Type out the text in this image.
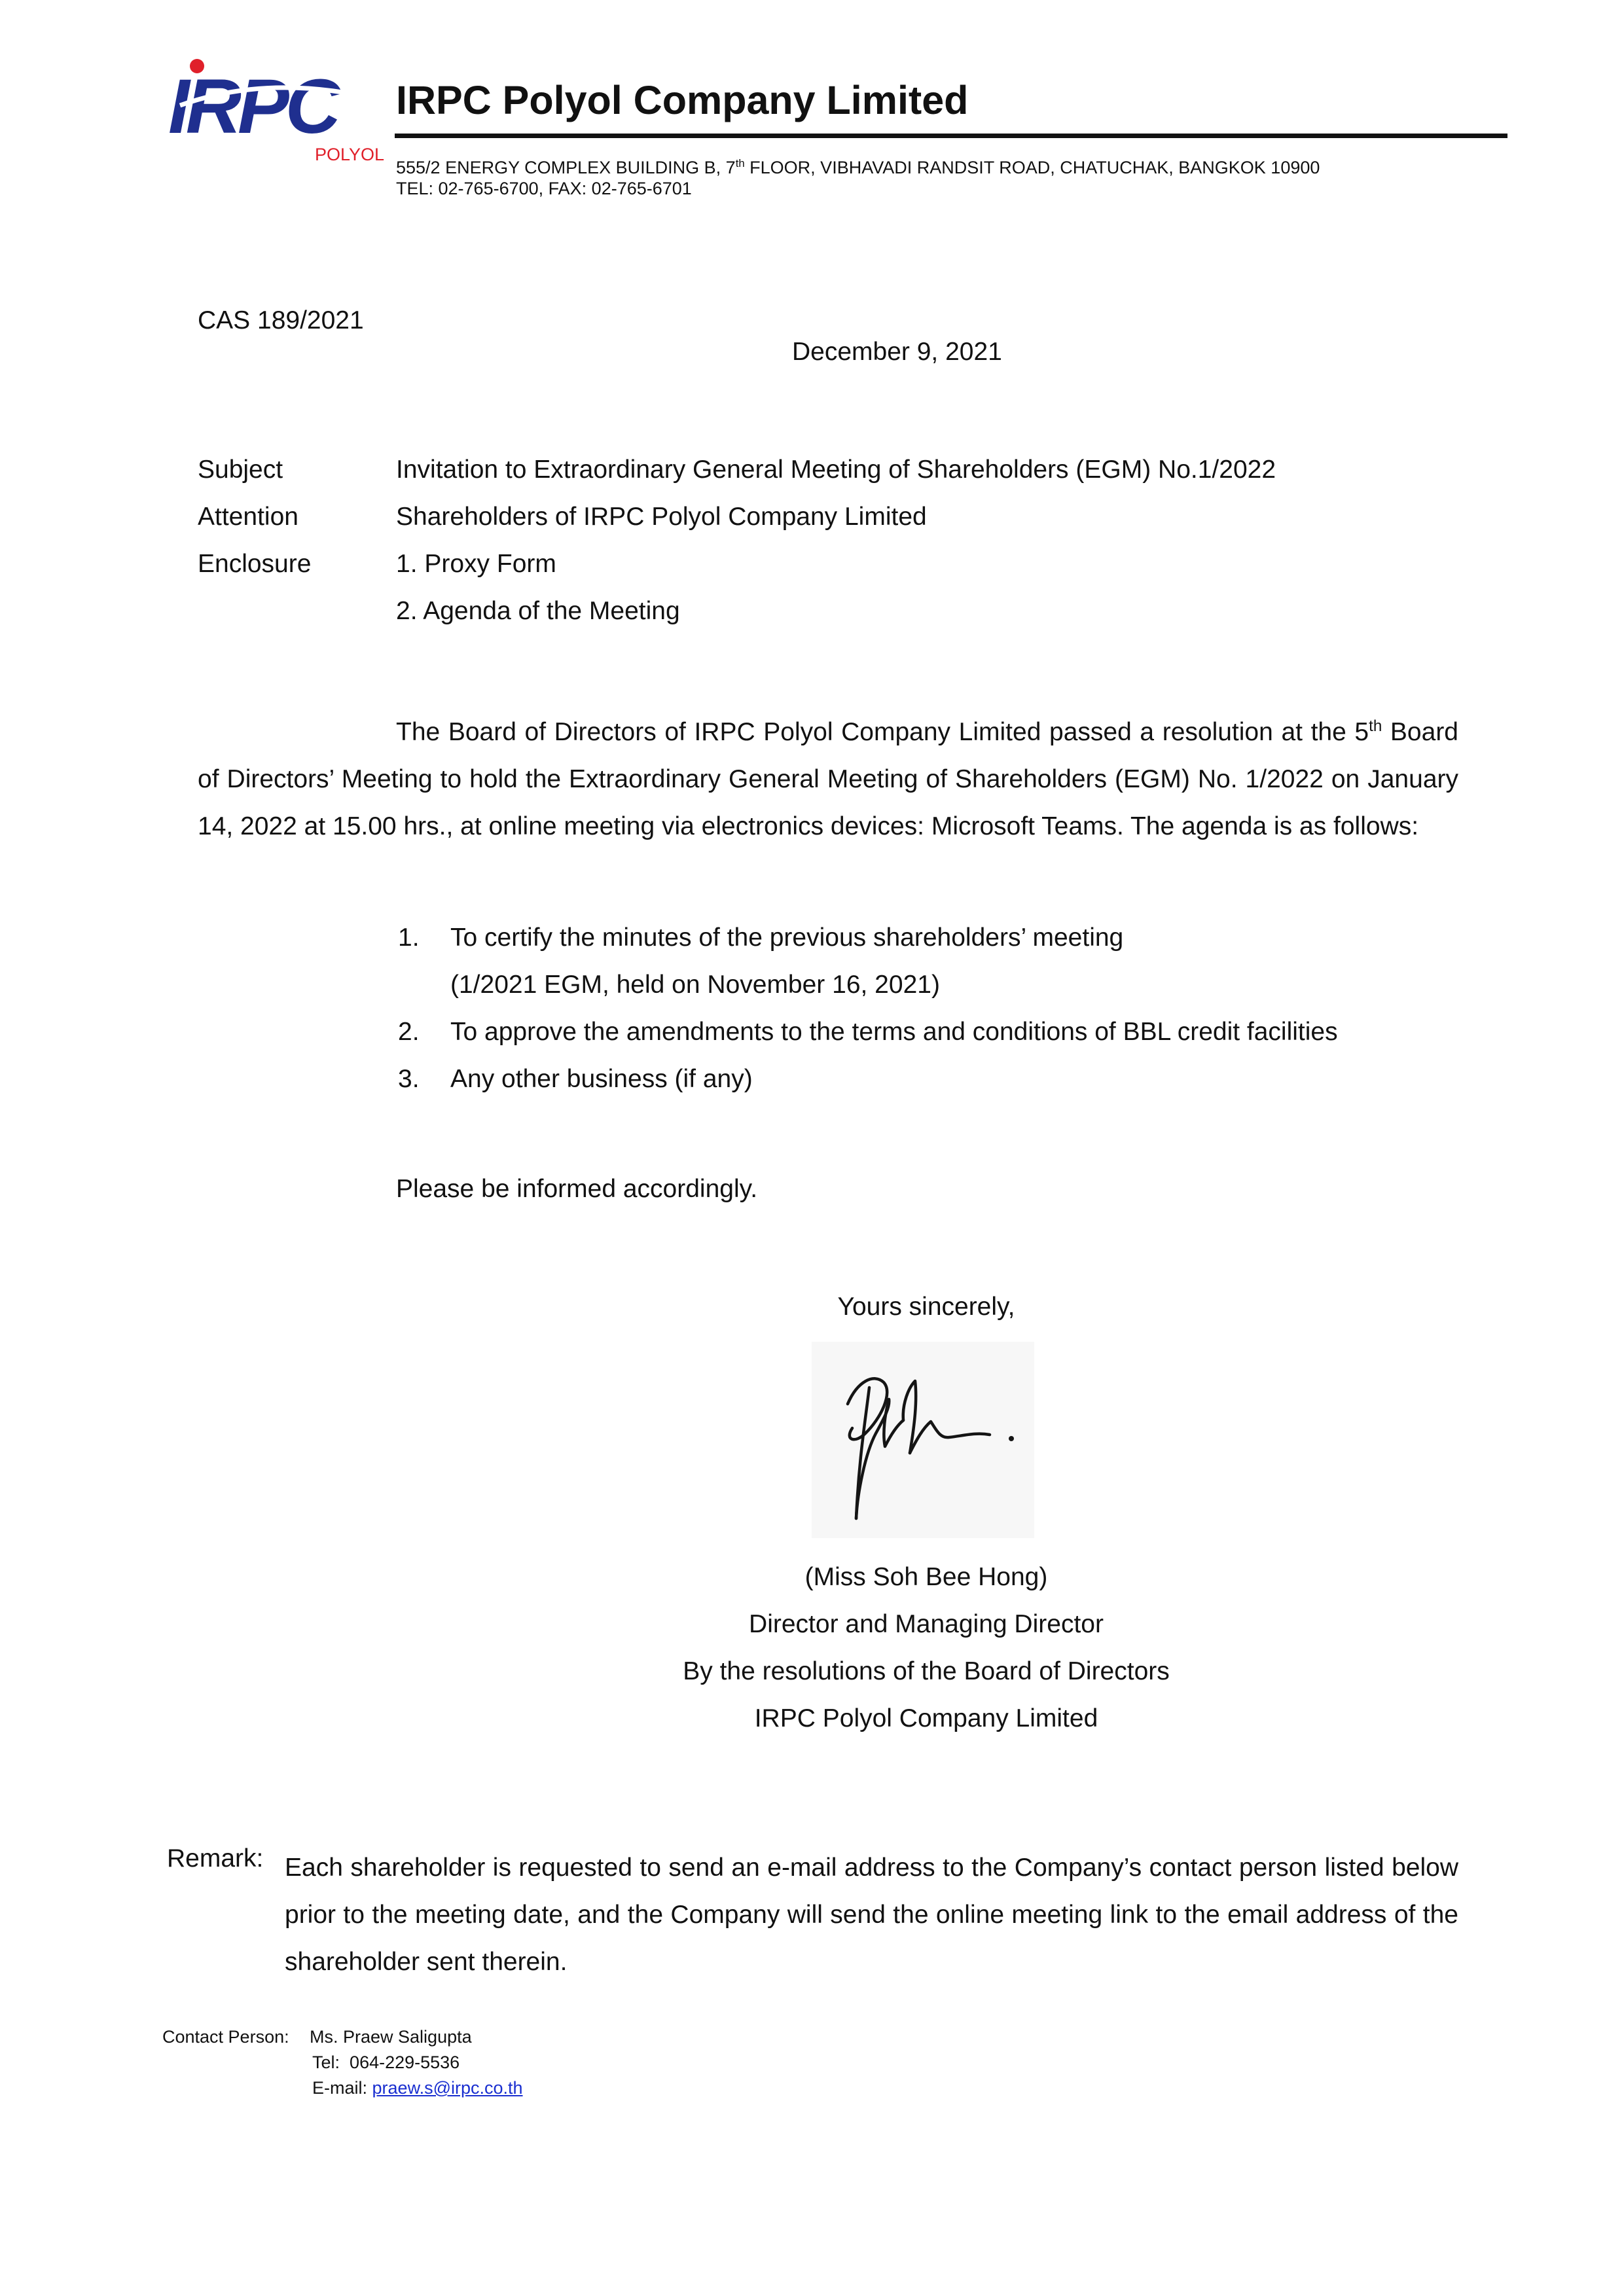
IRPC
POLYOL
IRPC Polyol Company Limited
555/2 ENERGY COMPLEX BUILDING B, 7th FLOOR, VIBHAVADI RANDSIT ROAD, CHATUCHAK, BANGKOK 10900
TEL: 02-765-6700, FAX: 02-765-6701
CAS 189/2021
December 9, 2021
Subject	Invitation to Extraordinary General Meeting of Shareholders (EGM) No.1/2022
Attention	Shareholders of IRPC Polyol Company Limited
Enclosure	1. Proxy Form
2. Agenda of the Meeting
The Board of Directors of IRPC Polyol Company Limited passed a resolution at the 5th Board of Directors’ Meeting to hold the Extraordinary General Meeting of Shareholders (EGM) No. 1/2022 on January 14, 2022 at 15.00 hrs., at online meeting via electronics devices: Microsoft Teams. The agenda is as follows:
1. To certify the minutes of the previous shareholders’ meeting
(1/2021 EGM, held on November 16, 2021)
2. To approve the amendments to the terms and conditions of BBL credit facilities
3. Any other business (if any)
Please be informed accordingly.
Yours sincerely,
(Miss Soh Bee Hong)
Director and Managing Director
By the resolutions of the Board of Directors
IRPC Polyol Company Limited
Remark: Each shareholder is requested to send an e-mail address to the Company’s contact person listed below prior to the meeting date, and the Company will send the online meeting link to the email address of the shareholder sent therein.
Contact Person: Ms. Praew Saligupta
Tel: 064-229-5536
E-mail: praew.s@irpc.co.th
